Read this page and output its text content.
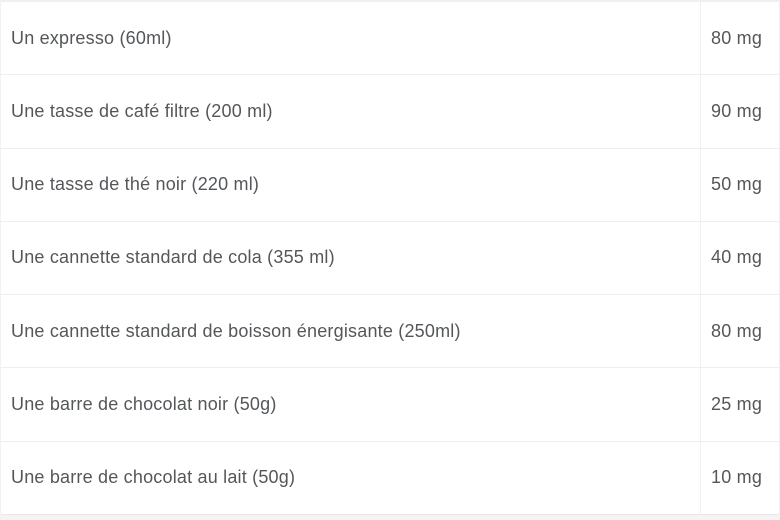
Un expresso (60ml)	80 mg
Une tasse de café filtre (200 ml)	90 mg
Une tasse de thé noir (220 ml)	50 mg
Une cannette standard de cola (355 ml)	40 mg
Une cannette standard de boisson énergisante (250ml)	80 mg
Une barre de chocolat noir (50g)	25 mg
Une barre de chocolat au lait (50g)	10 mg
